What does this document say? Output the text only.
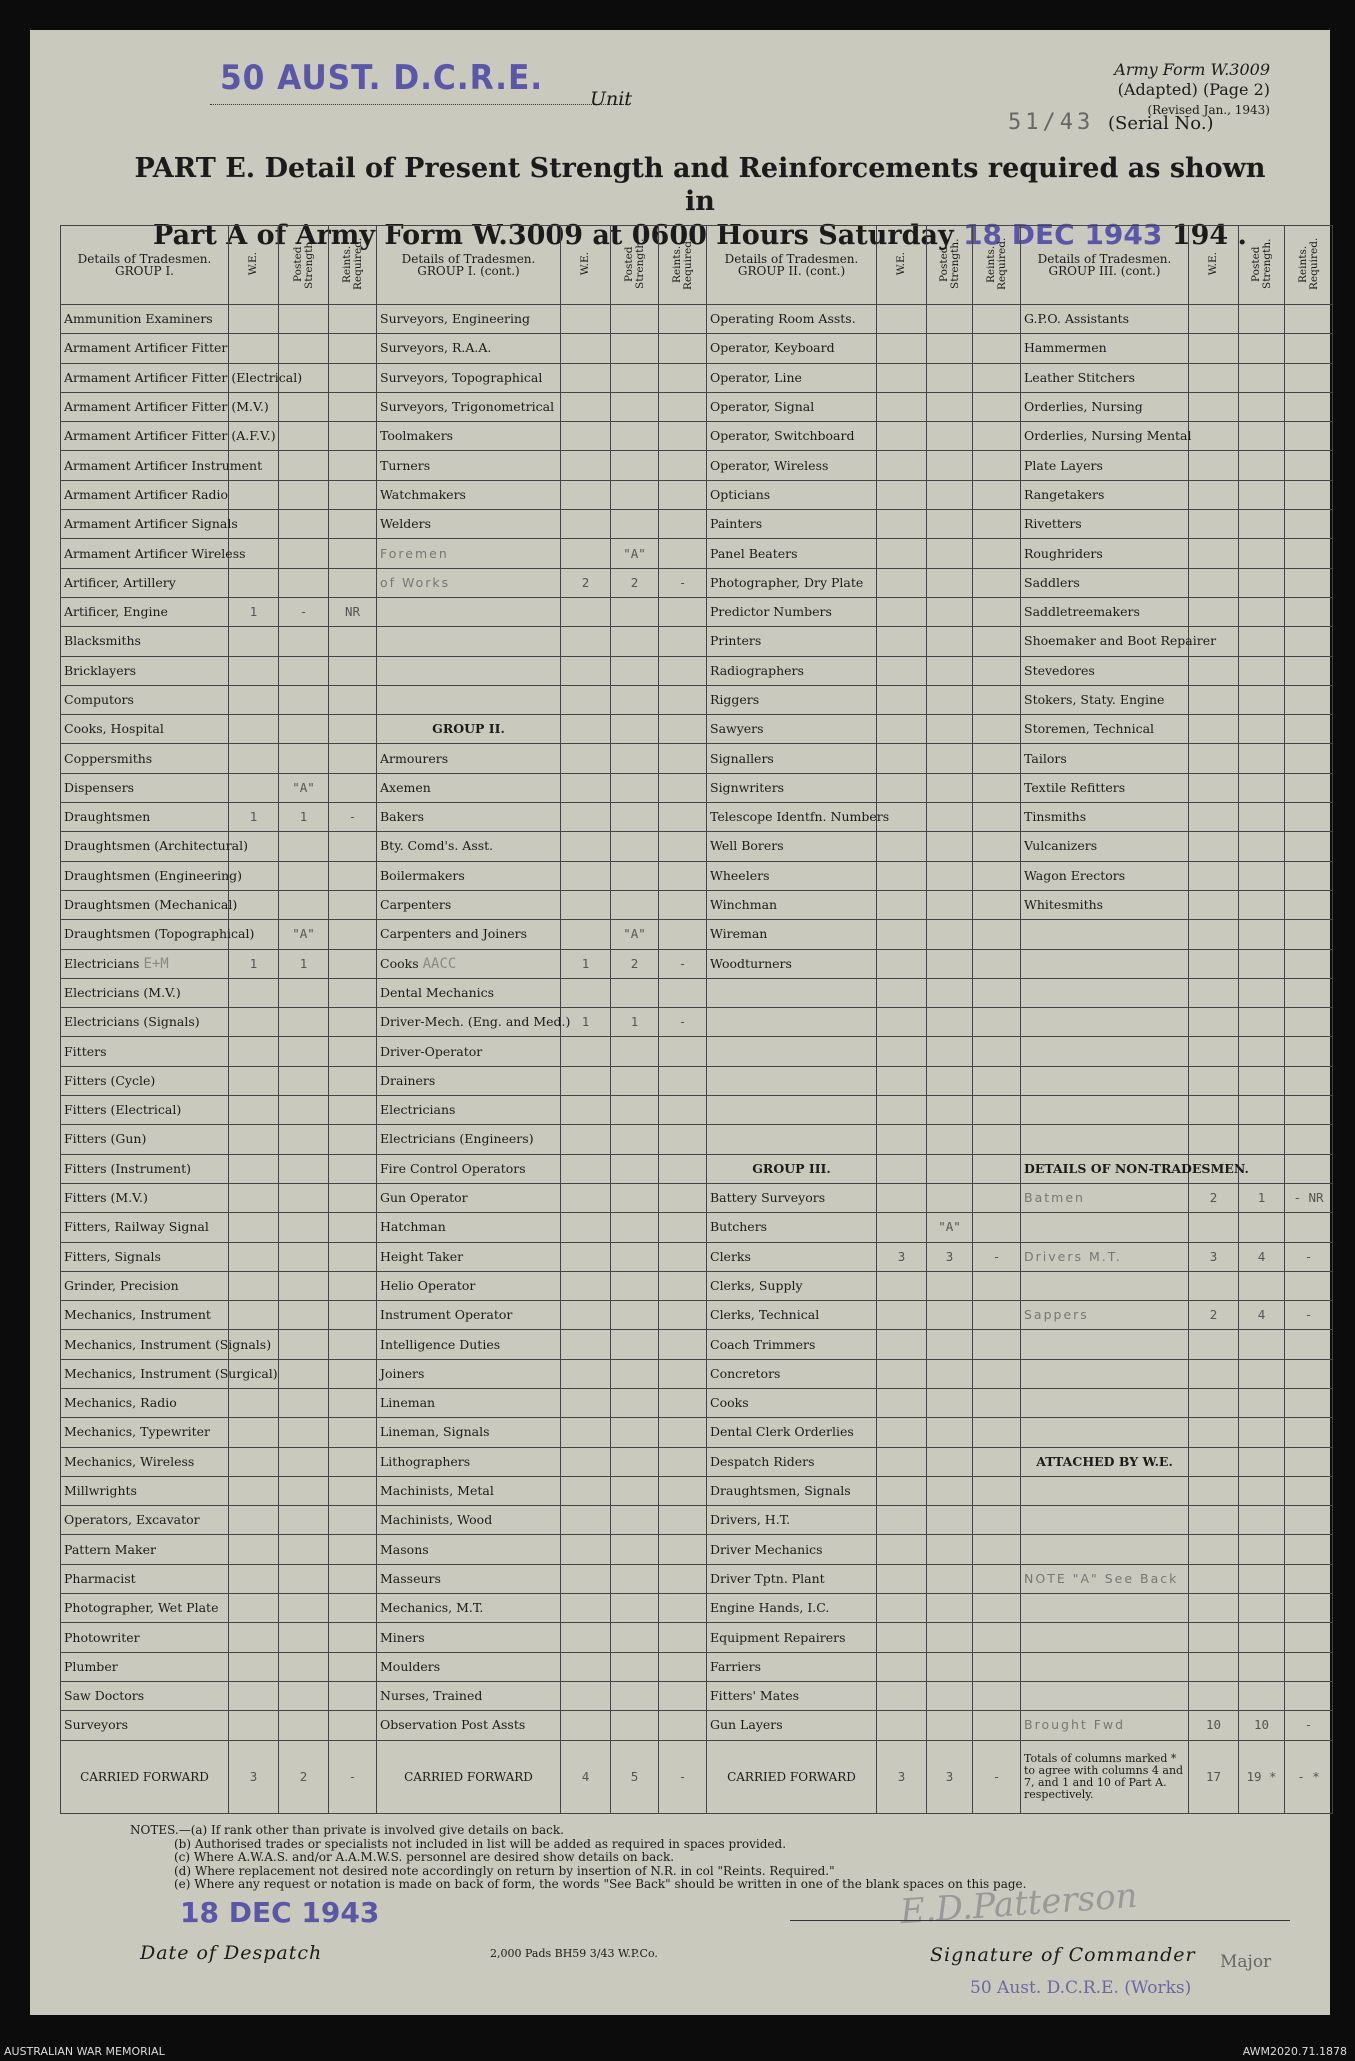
50 AUST. D.C.R.E.
Unit
Army Form W.3009
(Adapted) (Page 2)
(Revised Jan., 1943)
51/43 (Serial No.)
PART E. Detail of Present Strength and Reinforcements required as shown in
Part A of Army Form W.3009 at 0600 Hours Saturday 18 DEC 1943 194 .
Details of Tradesmen. GROUP I.	W.E.	Posted Strength.	Reints. Required.	Details of Tradesmen. GROUP I. (cont.)	W.E.	Posted Strength.	Reints. Required.	Details of Tradesmen. GROUP II. (cont.)	W.E.	Posted Strength.	Reints. Required.	Details of Tradesmen. GROUP III. (cont.)	W.E.	Posted Strength.	Reints. Required.
Ammunition Examiners				Surveyors, Engineering				Operating Room Assts.				G.P.O. Assistants			
Armament Artificer Fitter				Surveyors, R.A.A.				Operator, Keyboard				Hammermen			
Armament Artificer Fitter (Electrical)				Surveyors, Topographical				Operator, Line				Leather Stitchers			
Armament Artificer Fitter (M.V.)				Surveyors, Trigonometrical				Operator, Signal				Orderlies, Nursing			
Armament Artificer Fitter (A.F.V.)				Toolmakers				Operator, Switchboard				Orderlies, Nursing Mental			
Armament Artificer Instrument				Turners				Operator, Wireless				Plate Layers			
Armament Artificer Radio				Watchmakers				Opticians				Rangetakers			
Armament Artificer Signals				Welders				Painters				Rivetters			
Armament Artificer Wireless				Foremen		"A"		Panel Beaters				Roughriders			
Artificer, Artillery				of Works	2	2	-	Photographer, Dry Plate				Saddlers			
Artificer, Engine	1	-	NR					Predictor Numbers				Saddletreemakers			
Blacksmiths								Printers				Shoemaker and Boot Repairer			
Bricklayers								Radiographers				Stevedores			
Computors								Riggers				Stokers, Staty. Engine			
Cooks, Hospital				GROUP II.				Sawyers				Storemen, Technical			
Coppersmiths				Armourers				Signallers				Tailors			
Dispensers		"A"		Axemen				Signwriters				Textile Refitters			
Draughtsmen	1	1	-	Bakers				Telescope Identfn. Numbers				Tinsmiths			
Draughtsmen (Architectural)				Bty. Comd's. Asst.				Well Borers				Vulcanizers			
Draughtsmen (Engineering)				Boilermakers				Wheelers				Wagon Erectors			
Draughtsmen (Mechanical)				Carpenters				Winchman				Whitesmiths			
Draughtsmen (Topographical)		"A"		Carpenters and Joiners		"A"		Wireman							
Electricians E+M	1	1		Cooks AACC	1	2	-	Woodturners							
Electricians (M.V.)				Dental Mechanics											
Electricians (Signals)				Driver-Mech. (Eng. and Med.)	1	1	-								
Fitters				Driver-Operator											
Fitters (Cycle)				Drainers											
Fitters (Electrical)				Electricians											
Fitters (Gun)				Electricians (Engineers)											
Fitters (Instrument)				Fire Control Operators				GROUP III.				DETAILS OF NON-TRADESMEN.			
Fitters (M.V.)				Gun Operator				Battery Surveyors				Batmen	2	1	- NR
Fitters, Railway Signal				Hatchman				Butchers		"A"					
Fitters, Signals				Height Taker				Clerks	3	3	-	Drivers M.T.	3	4	-
Grinder, Precision				Helio Operator				Clerks, Supply							
Mechanics, Instrument				Instrument Operator				Clerks, Technical				Sappers	2	4	-
Mechanics, Instrument (Signals)				Intelligence Duties				Coach Trimmers							
Mechanics, Instrument (Surgical)				Joiners				Concretors							
Mechanics, Radio				Lineman				Cooks							
Mechanics, Typewriter				Lineman, Signals				Dental Clerk Orderlies							
Mechanics, Wireless				Lithographers				Despatch Riders				ATTACHED BY W.E.			
Millwrights				Machinists, Metal				Draughtsmen, Signals							
Operators, Excavator				Machinists, Wood				Drivers, H.T.							
Pattern Maker				Masons				Driver Mechanics							
Pharmacist				Masseurs				Driver Tptn. Plant				NOTE "A" See Back			
Photographer, Wet Plate				Mechanics, M.T.				Engine Hands, I.C.							
Photowriter				Miners				Equipment Repairers							
Plumber				Moulders				Farriers							
Saw Doctors				Nurses, Trained				Fitters' Mates							
Surveyors				Observation Post Assts				Gun Layers				Brought Fwd	10	10	-
CARRIED FORWARD	3	2	-	CARRIED FORWARD	4	5	-	CARRIED FORWARD	3	3	-	Totals of columns marked * to agree with columns 4 and 7, and 1 and 10 of Part A. respectively.	17	19 *	- *
NOTES.—(a) If rank other than private is involved give details on back.
(b) Authorised trades or specialists not included in list will be added as required in spaces provided.
(c) Where A.W.A.S. and/or A.A.M.W.S. personnel are desired show details on back.
(d) Where replacement not desired note accordingly on return by insertion of N.R. in col "Reints. Required."
(e) Where any request or notation is made on back of form, the words "See Back" should be written in one of the blank spaces on this page.
18 DEC 1943
Date of Despatch	2,000 Pads BH59 3/43 W.P.Co.
E.D.Patterson
Signature of Commander Major
50 Aust. D.C.R.E. (Works)
AUSTRALIAN WAR MEMORIAL	AWM2020.71.1878
